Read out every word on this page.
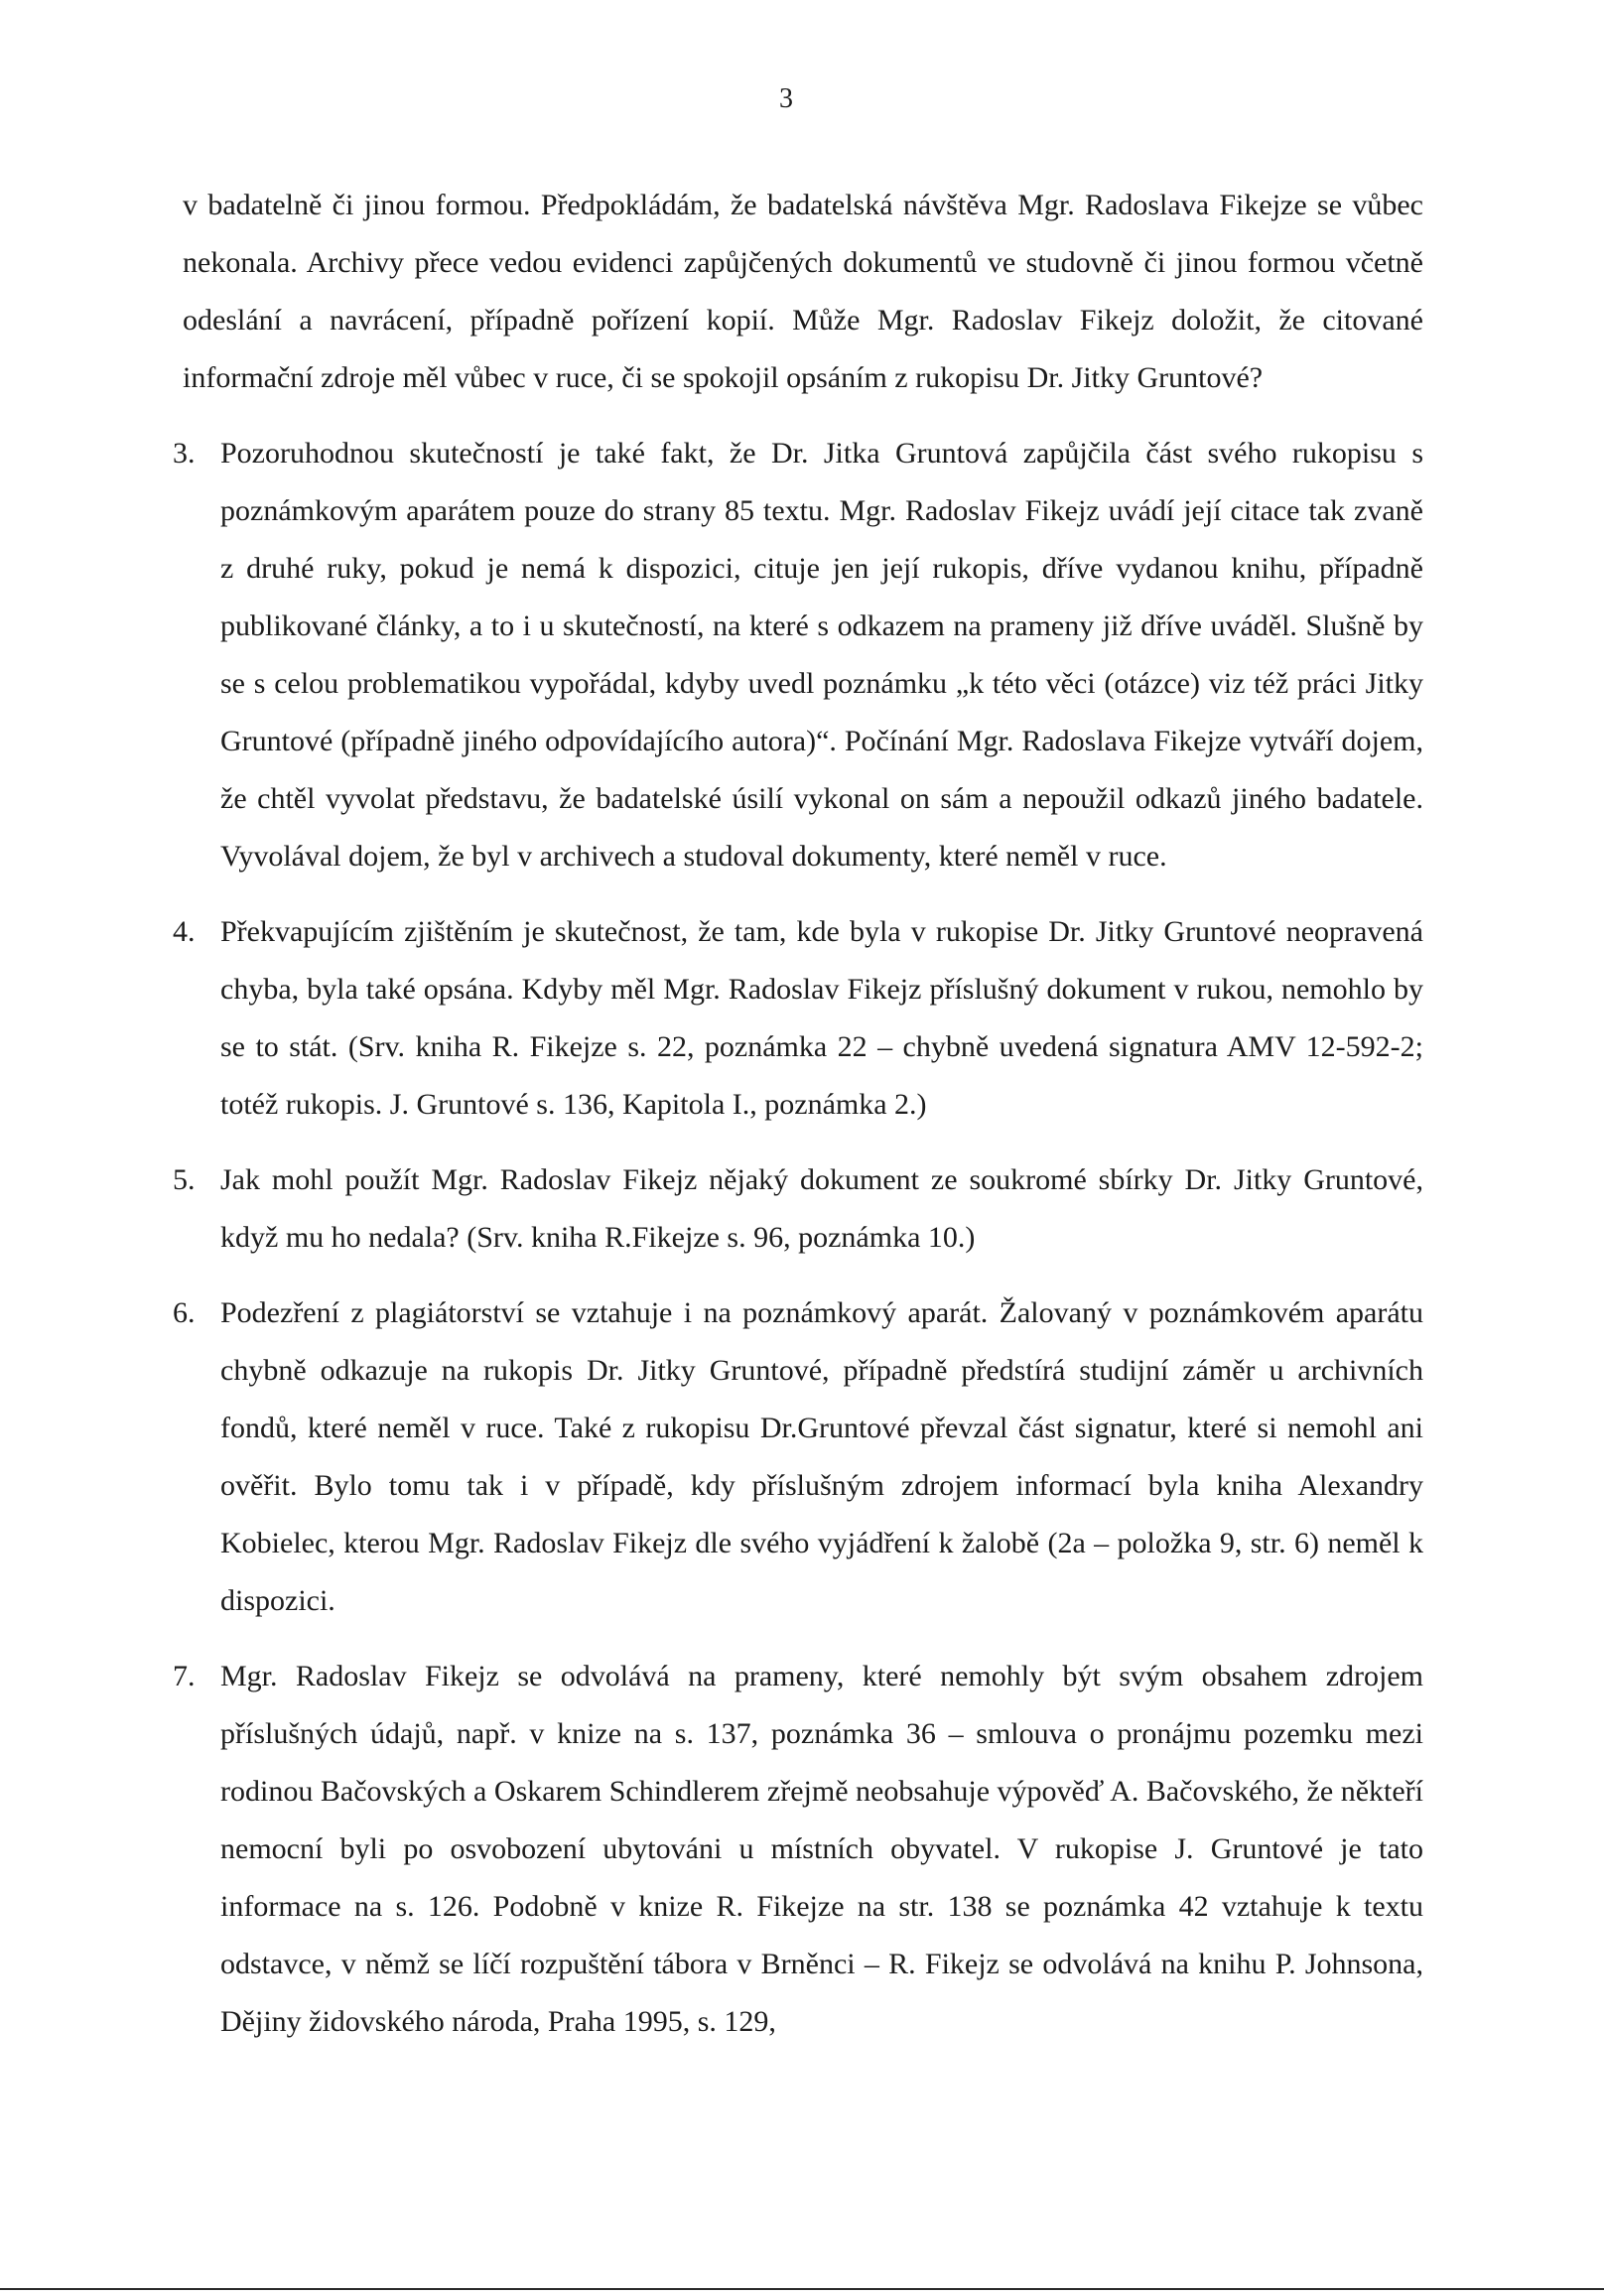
3

v badatelně či jinou formou. Předpokládám, že badatelská návštěva Mgr. Radoslava Fikejze se vůbec nekonala. Archivy přece vedou evidenci zapůjčených dokumentů ve studovně či jinou formou včetně odeslání a navrácení, případně pořízení kopií. Může Mgr. Radoslav Fikejz doložit, že citované informační zdroje měl vůbec v ruce, či se spokojil opsáním z rukopisu Dr. Jitky Gruntové?

3. Pozoruhodnou skutečností je také fakt, že Dr. Jitka Gruntová zapůjčila část svého rukopisu s poznámkovým aparátem pouze do strany 85 textu. Mgr. Radoslav Fikejz uvádí její citace tak zvaně z druhé ruky, pokud je nemá k dispozici, cituje jen její rukopis, dříve vydanou knihu, případně publikované články, a to i u skutečností, na které s odkazem na prameny již dříve uváděl. Slušně by se s celou problematikou vypořádal, kdyby uvedl poznámku „k této věci (otázce) viz též práci Jitky Gruntové (případně jiného odpovídajícího autora)“. Počínání Mgr. Radoslava Fikejze vytváří dojem, že chtěl vyvolat představu, že badatelské úsilí vykonal on sám a nepoužil odkazů jiného badatele. Vyvolával dojem, že byl v archivech a studoval dokumenty, které neměl v ruce.
4. Překvapujícím zjištěním je skutečnost, že tam, kde byla v rukopise Dr. Jitky Gruntové neopravená chyba, byla také opsána. Kdyby měl Mgr. Radoslav Fikejz příslušný dokument v rukou, nemohlo by se to stát. (Srv. kniha R. Fikejze s. 22, poznámka 22 – chybně uvedená signatura AMV 12-592-2; totéž rukopis. J. Gruntové s. 136, Kapitola I., poznámka 2.)
5. Jak mohl použít Mgr. Radoslav Fikejz nějaký dokument ze soukromé sbírky Dr. Jitky Gruntové, když mu ho nedala? (Srv. kniha R.Fikejze s. 96, poznámka 10.)
6. Podezření z plagiátorství se vztahuje i na poznámkový aparát. Žalovaný v poznámkovém aparátu chybně odkazuje na rukopis Dr. Jitky Gruntové, případně předstírá studijní záměr u archivních fondů, které neměl v ruce. Také z rukopisu Dr.Gruntové převzal část signatur, které si nemohl ani ověřit. Bylo tomu tak i v případě, kdy příslušným zdrojem informací byla kniha Alexandry Kobielec, kterou Mgr. Radoslav Fikejz dle svého vyjádření k žalobě (2a – položka 9, str. 6) neměl k dispozici.
7. Mgr. Radoslav Fikejz se odvolává na prameny, které nemohly být svým obsahem zdrojem příslušných údajů, např. v knize na s. 137, poznámka 36 – smlouva o pronájmu pozemku mezi rodinou Bačovských a Oskarem Schindlerem zřejmě neobsahuje výpověď A. Bačovského, že někteří nemocní byli po osvobození ubytováni u místních obyvatel. V rukopise J. Gruntové je tato informace na s. 126. Podobně v knize R. Fikejze na str. 138 se poznámka 42 vztahuje k textu odstavce, v němž se líčí rozpuštění tábora v Brněnci – R. Fikejz se odvolává na knihu P. Johnsona, Dějiny židovského národa, Praha 1995, s. 129,
